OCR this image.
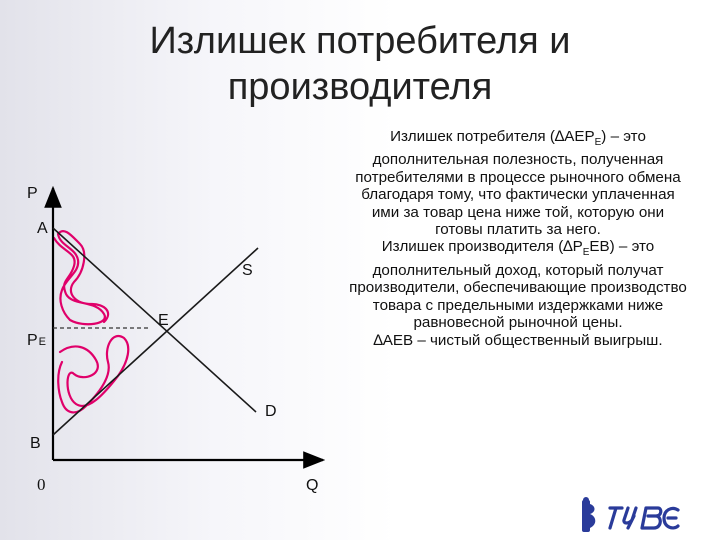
Излишек потребителя и
производителя
P
A
S
E
PE
D
B
0	Q

Излишек потребителя $(\Delta AEP_E)$ – это дополнительная полезность, полученная потребителями в процессе рыночного обмена благодаря тому, что фактически уплаченная ими за товар цена ниже той, которую они готовы платить за него.

Излишек производителя $(\Delta P_EEB)$ – это дополнительный доход, который получат производители, обеспечивающие производство товара с предельными издержками ниже равновесной рыночной цены.

∆AEB – чистый общественный выигрыш.
